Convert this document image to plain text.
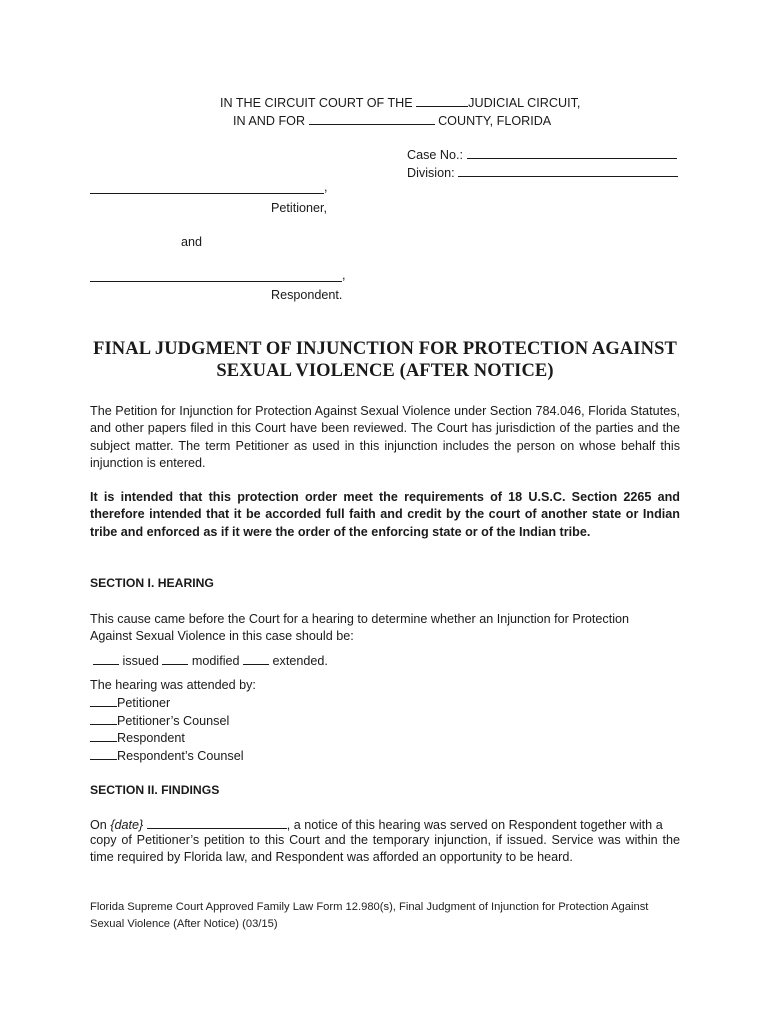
IN THE CIRCUIT COURT OF THE	JUDICIAL CIRCUIT,
IN AND FOR	COUNTY, FLORIDA
Case No.:
Division:
,
Petitioner,
and
,
Respondent.
FINAL JUDGMENT OF INJUNCTION FOR PROTECTION AGAINST
SEXUAL VIOLENCE (AFTER NOTICE)
The Petition for Injunction for Protection Against Sexual Violence under Section 784.046, Florida Statutes, and other papers filed in this Court have been reviewed. The Court has jurisdiction of the parties and the subject matter. The term Petitioner as used in this injunction includes the person on whose behalf this injunction is entered.
It is intended that this protection order meet the requirements of 18 U.S.C. Section 2265 and therefore intended that it be accorded full faith and credit by the court of another state or Indian tribe and enforced as if it were the order of the enforcing state or of the Indian tribe.
SECTION I. HEARING
This cause came before the Court for a hearing to determine whether an Injunction for Protection Against Sexual Violence in this case should be:
issued	modified	extended.
The hearing was attended by:
Petitioner
Petitioner’s Counsel
Respondent
Respondent’s Counsel
SECTION II. FINDINGS
On {date}	, a notice of this hearing was served on Respondent together with a
copy of Petitioner’s petition to this Court and the temporary injunction, if issued. Service was within the time required by Florida law, and Respondent was afforded an opportunity to be heard.
Florida Supreme Court Approved Family Law Form 12.980(s), Final Judgment of Injunction for Protection Against
Sexual Violence (After Notice) (03/15)
